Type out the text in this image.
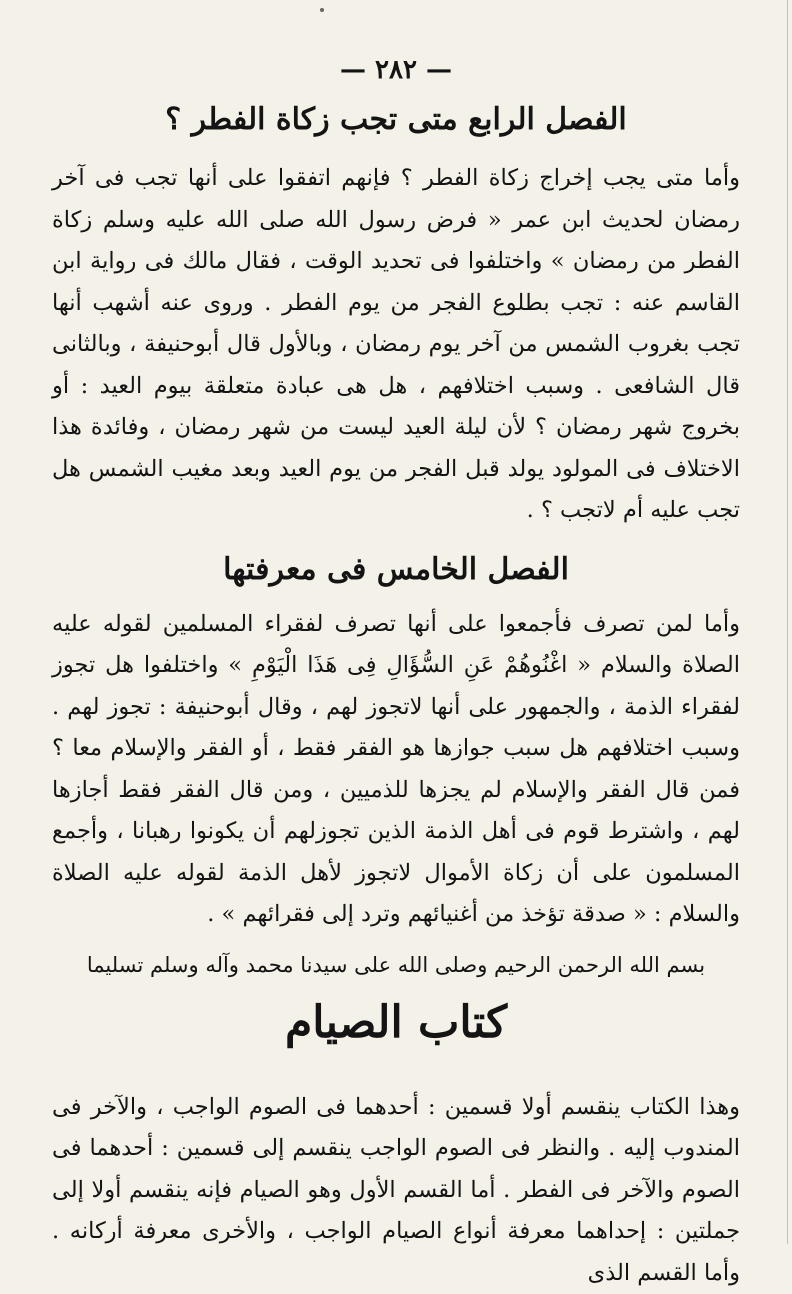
— ٢٨٢ —
الفصل الرابع متى تجب زكاة الفطر ؟

وأما متى يجب إخراج زكاة الفطر ؟ فإنهم اتفقوا على أنها تجب فى آخر رمضان لحديث ابن عمر « فرض رسول الله صلى الله عليه وسلم زكاة الفطر من رمضان » واختلفوا فى تحديد الوقت ، فقال مالك فى رواية ابن القاسم عنه : تجب بطلوع الفجر من يوم الفطر . وروى عنه أشهب أنها تجب بغروب الشمس من آخر يوم رمضان ، وبالأول قال أبوحنيفة ، وبالثانى قال الشافعى . وسبب اختلافهم ، هل هى عبادة متعلقة بيوم العيد : أو بخروج شهر رمضان ؟ لأن ليلة العيد ليست من شهر رمضان ، وفائدة هذا الاختلاف فى المولود يولد قبل الفجر من يوم العيد وبعد مغيب الشمس هل تجب عليه أم لاتجب ؟ .

الفصل الخامس فى معرفتها

وأما لمن تصرف فأجمعوا على أنها تصرف لفقراء المسلمين لقوله عليه الصلاة والسلام « اغْنُوهُمْ عَنِ السُّؤَالِ فِى هَذَا الْيَوْمِ » واختلفوا هل تجوز لفقراء الذمة ، والجمهور على أنها لاتجوز لهم ، وقال أبوحنيفة : تجوز لهم . وسبب اختلافهم هل سبب جوازها هو الفقر فقط ، أو الفقر والإسلام معا ؟ فمن قال الفقر والإسلام لم يجزها للذميين ، ومن قال الفقر فقط أجازها لهم ، واشترط قوم فى أهل الذمة الذين تجوزلهم أن يكونوا رهبانا ، وأجمع المسلمون على أن زكاة الأموال لاتجوز لأهل الذمة لقوله عليه الصلاة والسلام : « صدقة تؤخذ من أغنيائهم وترد إلى فقرائهم » .

بسم الله الرحمن الرحيم وصلى الله على سيدنا محمد وآله وسلم تسليما
كتاب الصيام

وهذا الكتاب ينقسم أولا قسمين : أحدهما فى الصوم الواجب ، والآخر فى المندوب إليه . والنظر فى الصوم الواجب ينقسم إلى قسمين : أحدهما فى الصوم والآخر فى الفطر . أما القسم الأول وهو الصيام فإنه ينقسم أولا إلى جملتين : إحداهما معرفة أنواع الصيام الواجب ، والأخرى معرفة أركانه . وأما القسم الذى
